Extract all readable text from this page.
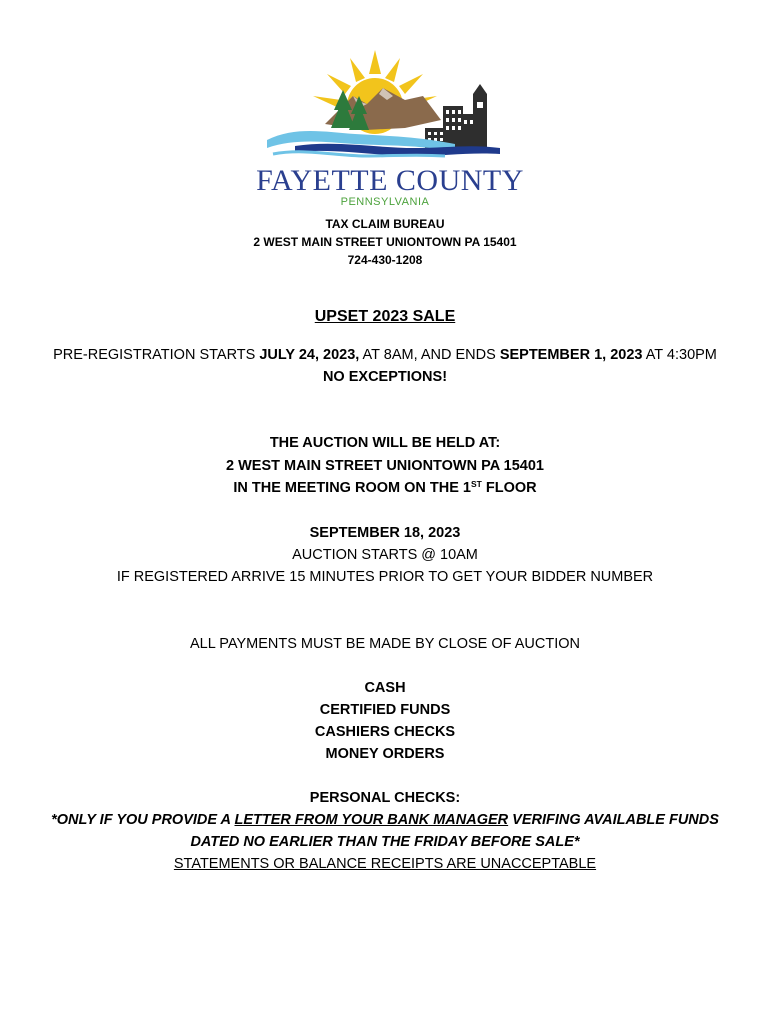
FAYETTE COUNTY
PENNSYLVANIA
TAX CLAIM BUREAU
2 WEST MAIN STREET UNIONTOWN PA 15401
724-430-1208
UPSET 2023 SALE
PRE-REGISTRATION STARTS JULY 24, 2023, AT 8AM, AND ENDS SEPTEMBER 1, 2023 AT 4:30PM
NO EXCEPTIONS!
THE AUCTION WILL BE HELD AT:
2 WEST MAIN STREET UNIONTOWN PA 15401
IN THE MEETING ROOM ON THE 1ST FLOOR
SEPTEMBER 18, 2023
AUCTION STARTS @ 10AM
IF REGISTERED ARRIVE 15 MINUTES PRIOR TO GET YOUR BIDDER NUMBER
ALL PAYMENTS MUST BE MADE BY CLOSE OF AUCTION
CASH
CERTIFIED FUNDS
CASHIERS CHECKS
MONEY ORDERS
PERSONAL CHECKS:
*ONLY IF YOU PROVIDE A LETTER FROM YOUR BANK MANAGER VERIFING AVAILABLE FUNDS
DATED NO EARLIER THAN THE FRIDAY BEFORE SALE*
STATEMENTS OR BALANCE RECEIPTS ARE UNACCEPTABLE
